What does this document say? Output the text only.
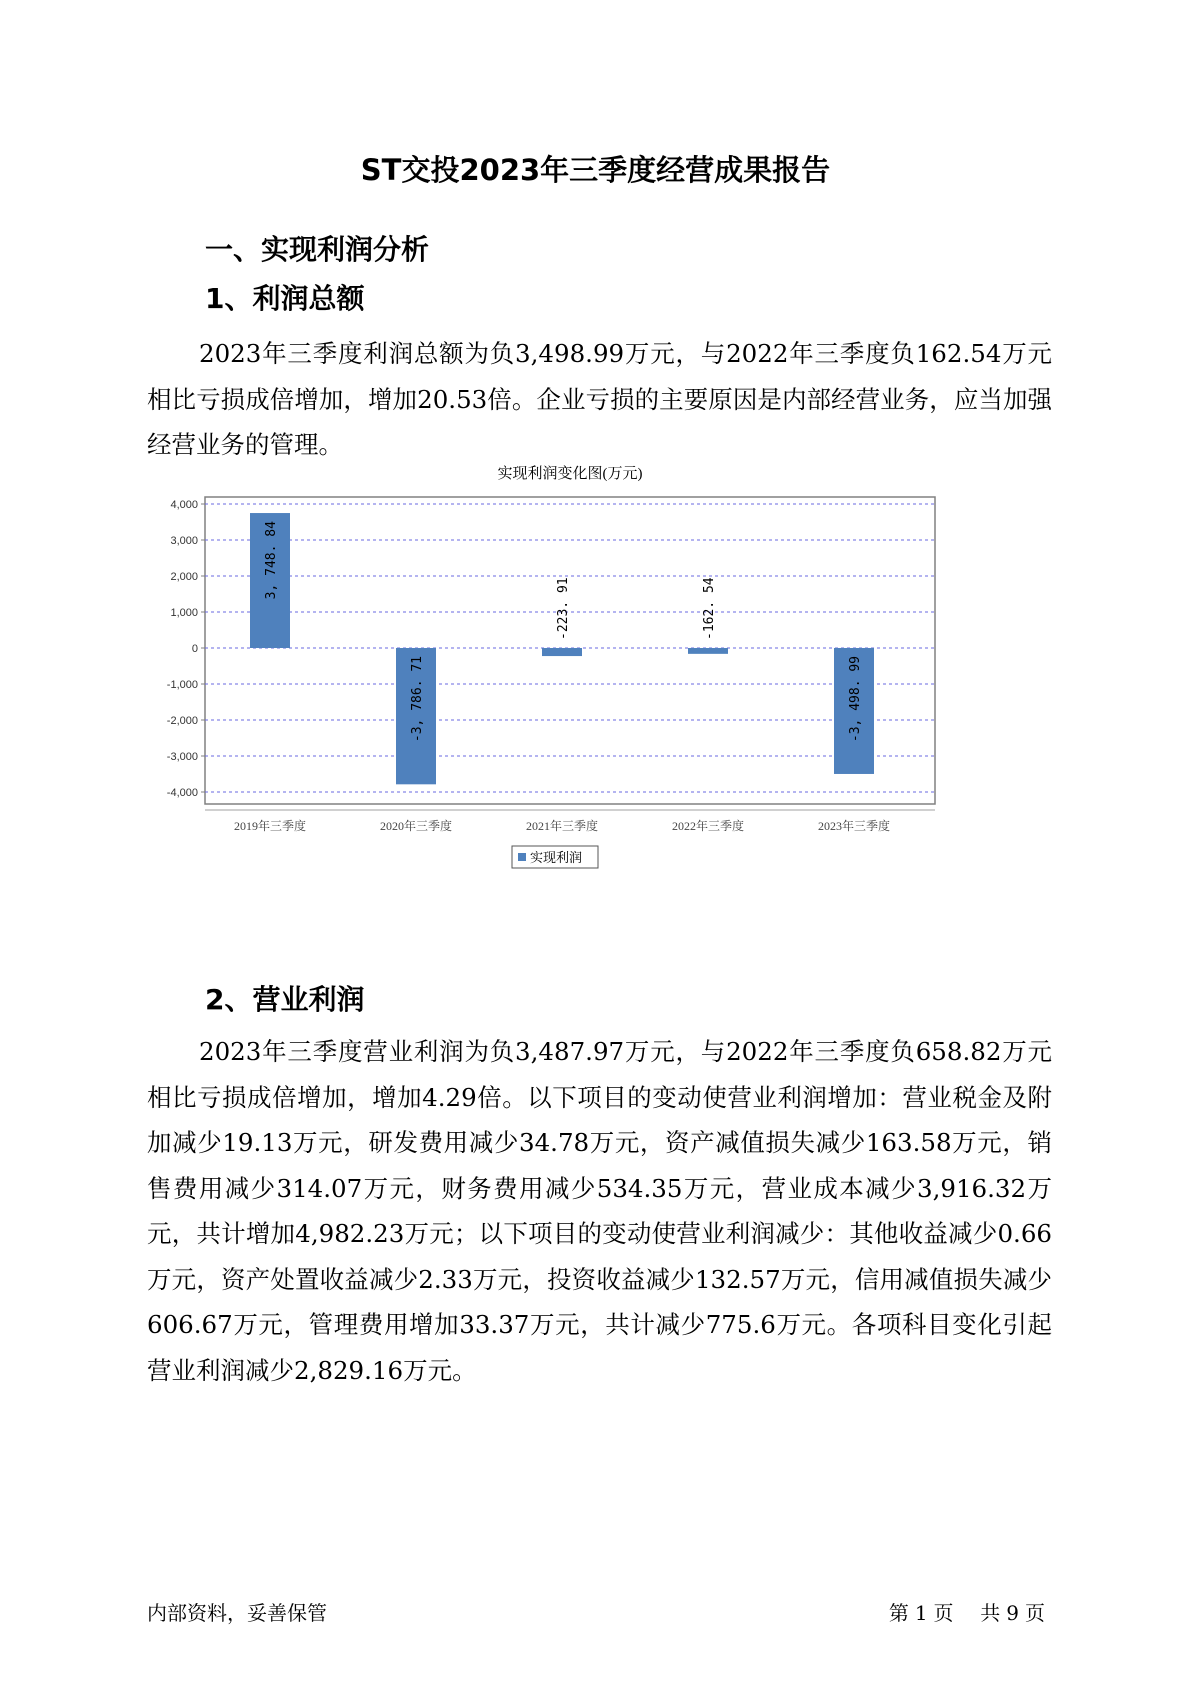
ST交投2023年三季度经营成果报告
一、实现利润分析
1、利润总额

2023年三季度利润总额为负3,498.99万元，与2022年三季度负162.54万元相比亏损成倍增加，增加20.53倍。企业亏损的主要原因是内部经营业务，应当加强经营业务的管理。

实现利润变化图(万元)
3, 748. 84
-3, 786. 71
-223. 91	-162. 54
-3, 498. 99
4,000
3,000
2,000
1,000
0
-1,000
-2,000
-3,000
-4,000
2019年三季度	2020年三季度	2021年三季度	2022年三季度	2023年三季度
实现利润
2、营业利润

2023年三季度营业利润为负3,487.97万元，与2022年三季度负658.82万元相比亏损成倍增加，增加4.29倍。以下项目的变动使营业利润增加：营业税金及附加减少19.13万元，研发费用减少34.78万元，资产减值损失减少163.58万元，销售费用减少314.07万元，财务费用减少534.35万元，营业成本减少3,916.32万元，共计增加4,982.23万元；以下项目的变动使营业利润减少：其他收益减少0.66万元，资产处置收益减少2.33万元，投资收益减少132.57万元，信用减值损失减少606.67万元，管理费用增加33.37万元，共计减少775.6万元。各项科目变化引起营业利润减少2,829.16万元。

内部资料，妥善保管	第 1 页 共 9 页
